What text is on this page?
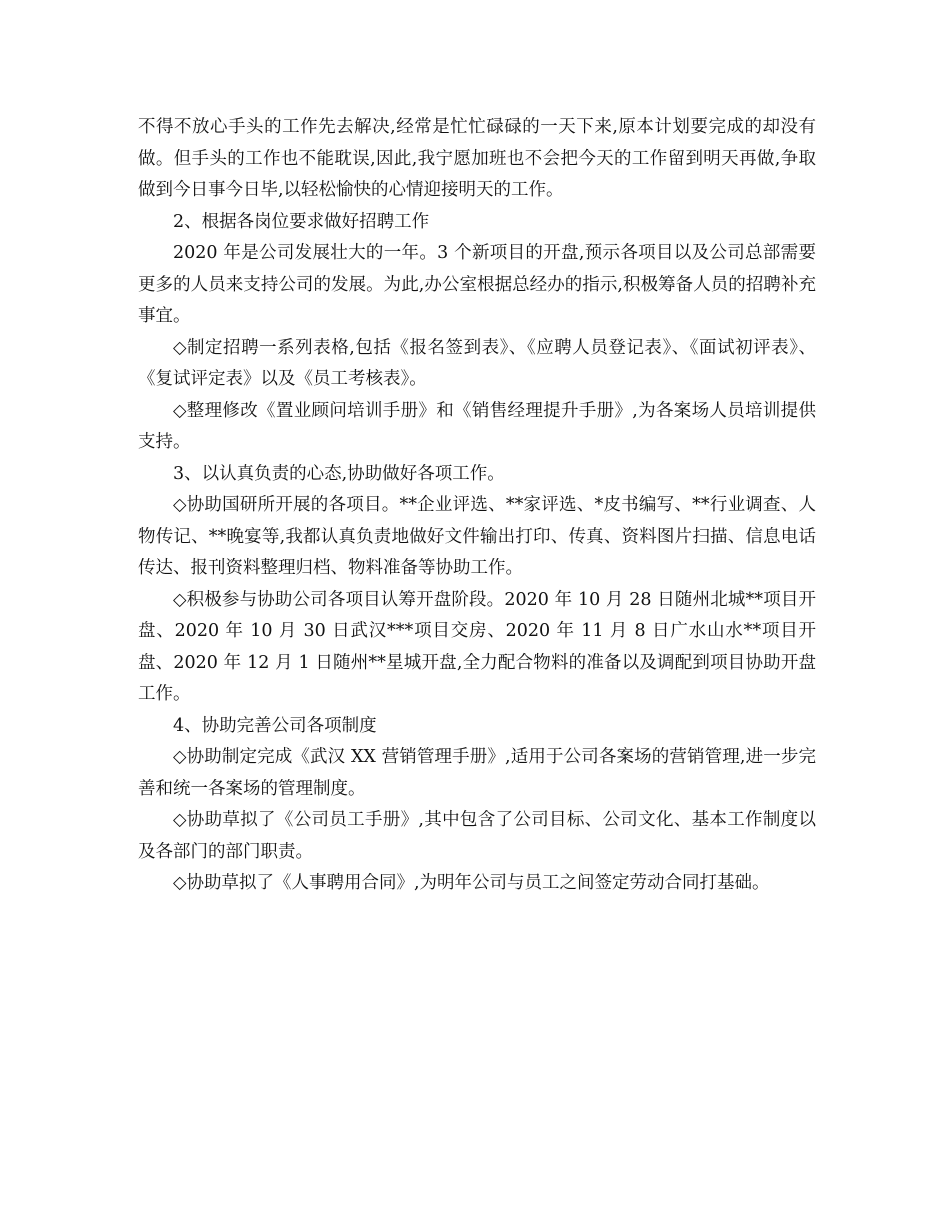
不得不放心手头的工作先去解决,经常是忙忙碌碌的一天下来,原本计划要完成的却没有做。但手头的工作也不能耽误,因此,我宁愿加班也不会把今天的工作留到明天再做,争取做到今日事今日毕,以轻松愉快的心情迎接明天的工作。

2、根据各岗位要求做好招聘工作

2020 年是公司发展壮大的一年。3 个新项目的开盘,预示各项目以及公司总部需要更多的人员来支持公司的发展。为此,办公室根据总经办的指示,积极筹备人员的招聘补充事宜。

◇制定招聘一系列表格,包括《报名签到表》、《应聘人员登记表》、《面试初评表》、《复试评定表》以及《员工考核表》。

◇整理修改《置业顾问培训手册》和《销售经理提升手册》,为各案场人员培训提供支持。

3、以认真负责的心态,协助做好各项工作。

◇协助国研所开展的各项目。**企业评选、**家评选、*皮书编写、**行业调查、人物传记、**晚宴等,我都认真负责地做好文件输出打印、传真、资料图片扫描、信息电话传达、报刊资料整理归档、物料准备等协助工作。

◇积极参与协助公司各项目认筹开盘阶段。2020 年 10 月 28 日随州北城**项目开盘、2020 年 10 月 30 日武汉***项目交房、2020 年 11 月 8 日广水山水**项目开盘、2020 年 12 月 1 日随州**星城开盘,全力配合物料的准备以及调配到项目协助开盘工作。

4、协助完善公司各项制度

◇协助制定完成《武汉 XX 营销管理手册》,适用于公司各案场的营销管理,进一步完善和统一各案场的管理制度。

◇协助草拟了《公司员工手册》,其中包含了公司目标、公司文化、基本工作制度以及各部门的部门职责。

◇协助草拟了《人事聘用合同》,为明年公司与员工之间签定劳动合同打基础。
